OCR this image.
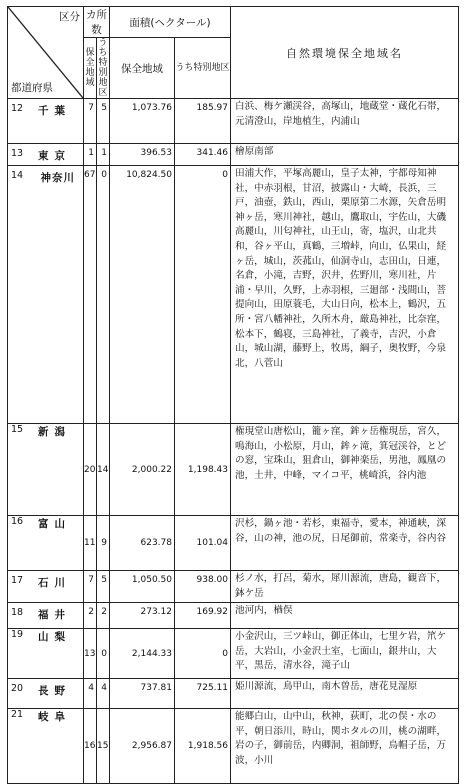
区分
都道府県	カ所数		面積(ヘクタール)		自然環境保全地域名
	保全地域	うち特別地区	保全地域	うち特別地区	

12 千葉	7	5	1,073.76	185.97	白浜、梅ケ瀬渓谷，高塚山，地蔵堂・蔵化石帯，元清澄山，岸地植生，内浦山

13 東京	1	1	396.53	341.46	檜原南部

14 神奈川	67	0	10,824.50	0	田浦大作，平塚高麗山，皇子太神，宇都母知神社，中赤羽根，甘沼，披露山・大崎，長浜，三戸，油壺，鉄山，西山，栗原第二水源，矢倉岳明神ヶ岳，寒川神社，越山，鷹取山，宇佐山，大磯高麗山，川匂神社，山王山，寄，塩沢，山北共和，谷ヶ平山，真鶴，三増峠，向山，仏果山，経ヶ岳，城山，茨菰山，仙洞寺山，志田山，日連，名倉，小滝，吉野，沢井，佐野川，寒川社，片浦・早川，久野，上赤羽根，三廻部・浅間山，菩提向山，田原蓑毛，大山日向，松本上，鶴沢，五所・宮八幡神社，久所木舟，厳島神社，比奈窪，松本下，鶴寝，三島神社，了義寺，吉沢，小倉山，城山湖，藤野上，牧馬，綱子，奥牧野，今泉北，八菅山

15 新潟	20	14	2,000.22	1,198.43	権現堂山唐松山，籠ヶ窪，鉾ヶ岳権現岳，宮久，鳴海山，小松原，月山，鉾ヶ滝，箕冠渓谷，とどの窓，宝珠山，狙倉山，御神楽岳，男池，鳳凰の池，土井，中峰，マイコ平，桃崎浜，谷内池

16 富山	11	9	623.78	101.04	沢杉，鍋ヶ池・若杉，東福寺，愛本，神通峡，深谷，山の神，池の尻，日尾御前，常楽寺，谷内谷

17 石川	7	5	1,050.50	938.00	杉ノ水，打呂，菊水，犀川源流，唐島，観音下，鉢ケ岳

18 福井	2	2	273.12	169.92	池河内，楢俣

19 山梨	13	0	2,144.33	0	小金沢山，三ツ峠山，御正体山，七里ケ岩，笊ケ岳，大岩山，小金沢土室，七面山，銀井山，大平，黒岳，清水谷，滝子山

20 長野	4	4	737.81	725.11	姫川源流，鳥甲山，南木曽岳，唐花見湿原

21 岐阜	16	15	2,956.87	1,918.56	能郷白山，山中山，秋神，荻町，北の俣・水の平，朝日添川，時山，関ホタルの川，桃の湖畔，岩の子，御前岳，内卿洞，祖師野，烏帽子岳，万波，小川
